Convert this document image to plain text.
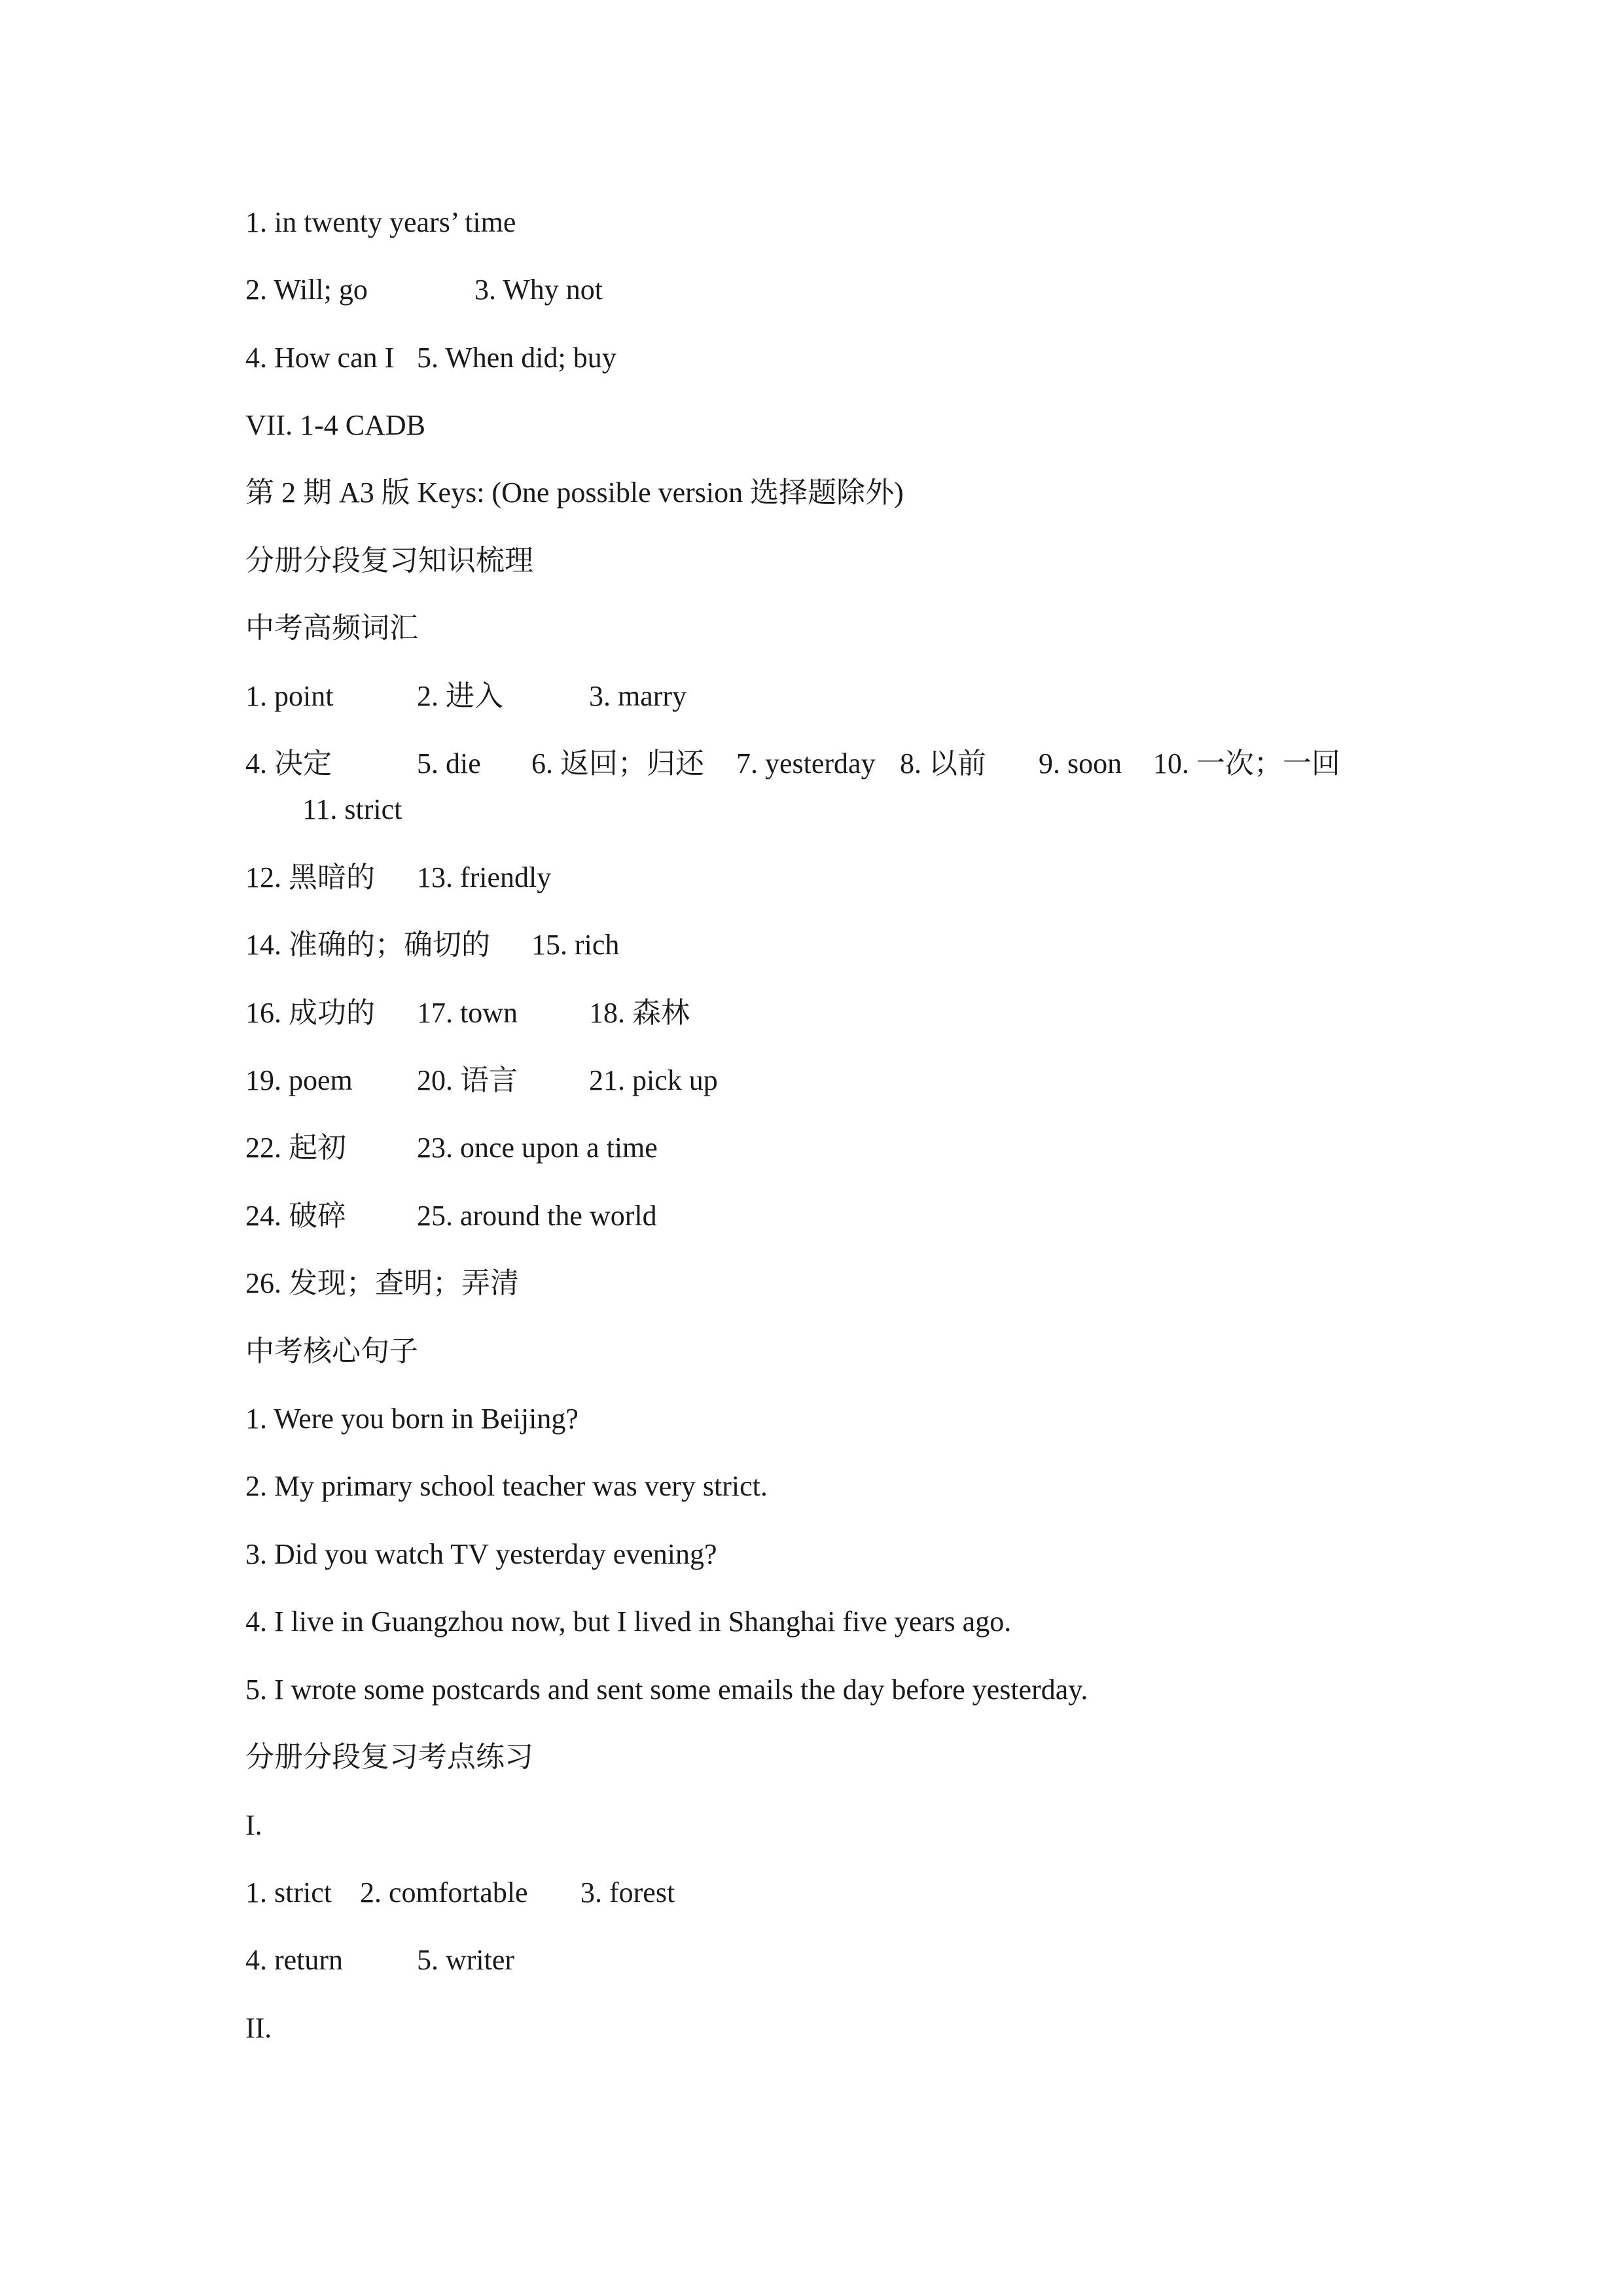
1. in twenty years’ time
2. Will; go	3. Why not
4. How can I 5. When did; buy
VII. 1-4 CADB
第 2 期 A3 版 Keys: (One possible version 选择题除外)
分册分段复习知识梳理
中考高频词汇
1. point	2. 进入	3. marry
4. 决定	5. die 6. 返回；归还 7. yesterday 8. 以前 9. soon 10. 一次；一回
11. strict
12. 黑暗的 13. friendly
14. 准确的；确切的 15. rich
16. 成功的 17. town 18. 森林
19. poem 20. 语言 21. pick up
22. 起初 23. once upon a time
24. 破碎 25. around the world
26. 发现；查明；弄清
中考核心句子
1. Were you born in Beijing?
2. My primary school teacher was very strict.
3. Did you watch TV yesterday evening?
4. I live in Guangzhou now, but I lived in Shanghai five years ago.
5. I wrote some postcards and sent some emails the day before yesterday.
分册分段复习考点练习
I.
1. strict 2. comfortable 3. forest
4. return	5. writer
II.
